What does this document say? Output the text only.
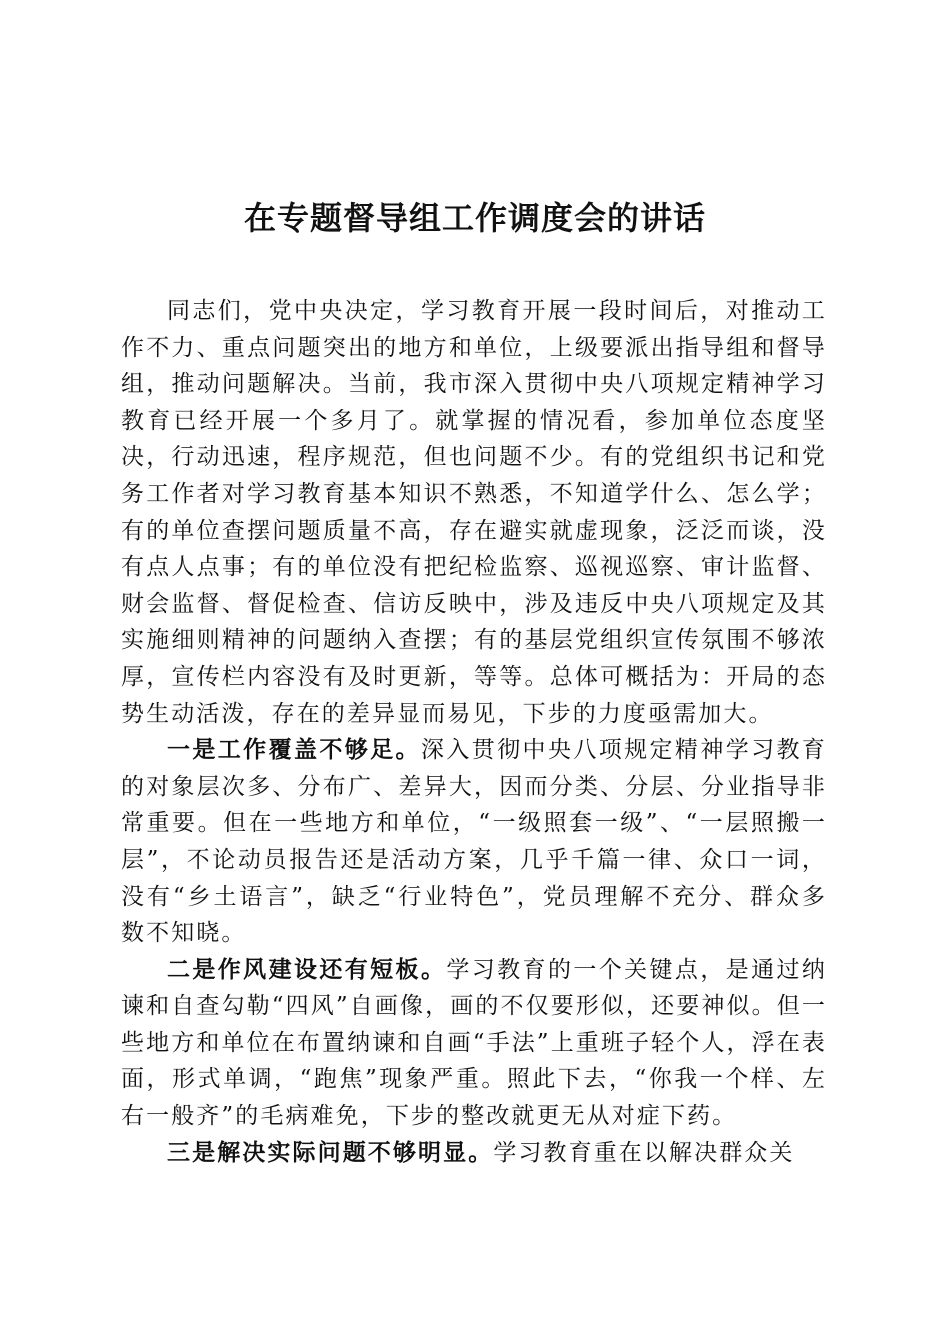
在专题督导组工作调度会的讲话

同志们，党中央决定，学习教育开展一段时间后，对推动工作不力、重点问题突出的地方和单位，上级要派出指导组和督导组，推动问题解决。当前，我市深入贯彻中央八项规定精神学习教育已经开展一个多月了。就掌握的情况看，参加单位态度坚决，行动迅速，程序规范，但也问题不少。有的党组织书记和党务工作者对学习教育基本知识不熟悉，不知道学什么、怎么学；有的单位查摆问题质量不高，存在避实就虚现象，泛泛而谈，没有点人点事；有的单位没有把纪检监察、巡视巡察、审计监督、财会监督、督促检查、信访反映中，涉及违反中央八项规定及其实施细则精神的问题纳入查摆；有的基层党组织宣传氛围不够浓厚，宣传栏内容没有及时更新，等等。总体可概括为：开局的态势生动活泼，存在的差异显而易见，下步的力度亟需加大。

一是工作覆盖不够足。深入贯彻中央八项规定精神学习教育的对象层次多、分布广、差异大，因而分类、分层、分业指导非常重要。但在一些地方和单位，“一级照套一级”、“一层照搬一层”，不论动员报告还是活动方案，几乎千篇一律、众口一词，没有“乡土语言”，缺乏“行业特色”，党员理解不充分、群众多数不知晓。

二是作风建设还有短板。学习教育的一个关键点，是通过纳谏和自查勾勒“四风”自画像，画的不仅要形似，还要神似。但一些地方和单位在布置纳谏和自画“手法”上重班子轻个人，浮在表面，形式单调，“跑焦”现象严重。照此下去，“你我一个样、左右一般齐”的毛病难免，下步的整改就更无从对症下药。

三是解决实际问题不够明显。学习教育重在以解决群众关
